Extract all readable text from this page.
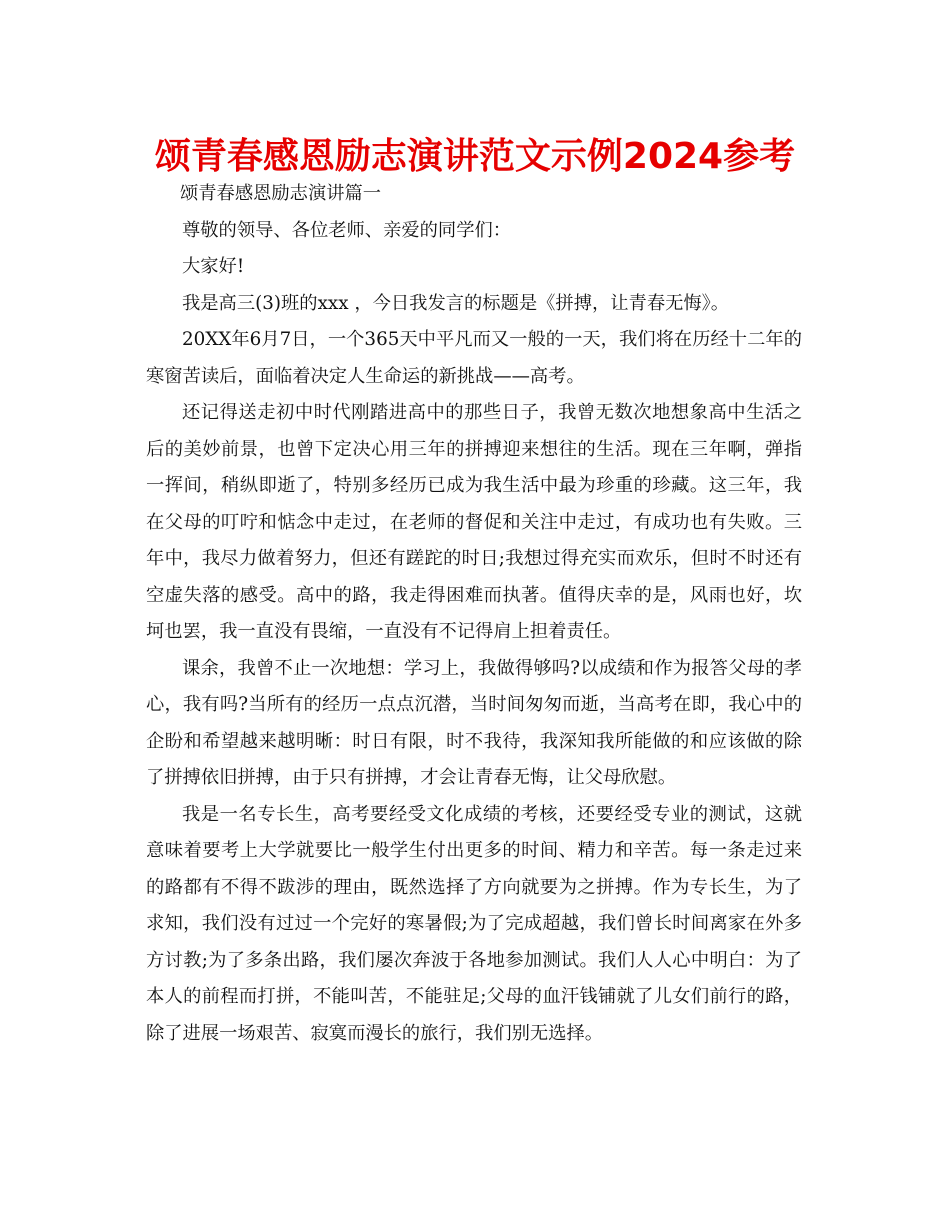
颂青春感恩励志演讲范文示例2024参考

颂青春感恩励志演讲篇一

尊敬的领导、各位老师、亲爱的同学们：

大家好!

我是高三(3)班的xxx ，今日我发言的标题是《拼搏，让青春无悔》。

20XX年6月7日，一个365天中平凡而又一般的一天，我们将在历经十二年的寒窗苦读后，面临着决定人生命运的新挑战——高考。

还记得送走初中时代刚踏进高中的那些日子，我曾无数次地想象高中生活之后的美妙前景，也曾下定决心用三年的拼搏迎来想往的生活。现在三年啊，弹指一挥间，稍纵即逝了，特别多经历已成为我生活中最为珍重的珍藏。这三年，我在父母的叮咛和惦念中走过，在老师的督促和关注中走过，有成功也有失败。三年中，我尽力做着努力，但还有蹉跎的时日;我想过得充实而欢乐，但时不时还有空虚失落的感受。高中的路，我走得困难而执著。值得庆幸的是，风雨也好，坎坷也罢，我一直没有畏缩，一直没有不记得肩上担着责任。

课余，我曾不止一次地想：学习上，我做得够吗?以成绩和作为报答父母的孝心，我有吗?当所有的经历一点点沉潜，当时间匆匆而逝，当高考在即，我心中的企盼和希望越来越明晰：时日有限，时不我待，我深知我所能做的和应该做的除了拼搏依旧拼搏，由于只有拼搏，才会让青春无悔，让父母欣慰。

我是一名专长生，高考要经受文化成绩的考核，还要经受专业的测试，这就意味着要考上大学就要比一般学生付出更多的时间、精力和辛苦。每一条走过来的路都有不得不跋涉的理由，既然选择了方向就要为之拼搏。作为专长生，为了求知，我们没有过过一个完好的寒暑假;为了完成超越，我们曾长时间离家在外多方讨教;为了多条出路，我们屡次奔波于各地参加测试。我们人人心中明白：为了本人的前程而打拼，不能叫苦，不能驻足;父母的血汗钱铺就了儿女们前行的路，除了进展一场艰苦、寂寞而漫长的旅行，我们别无选择。
